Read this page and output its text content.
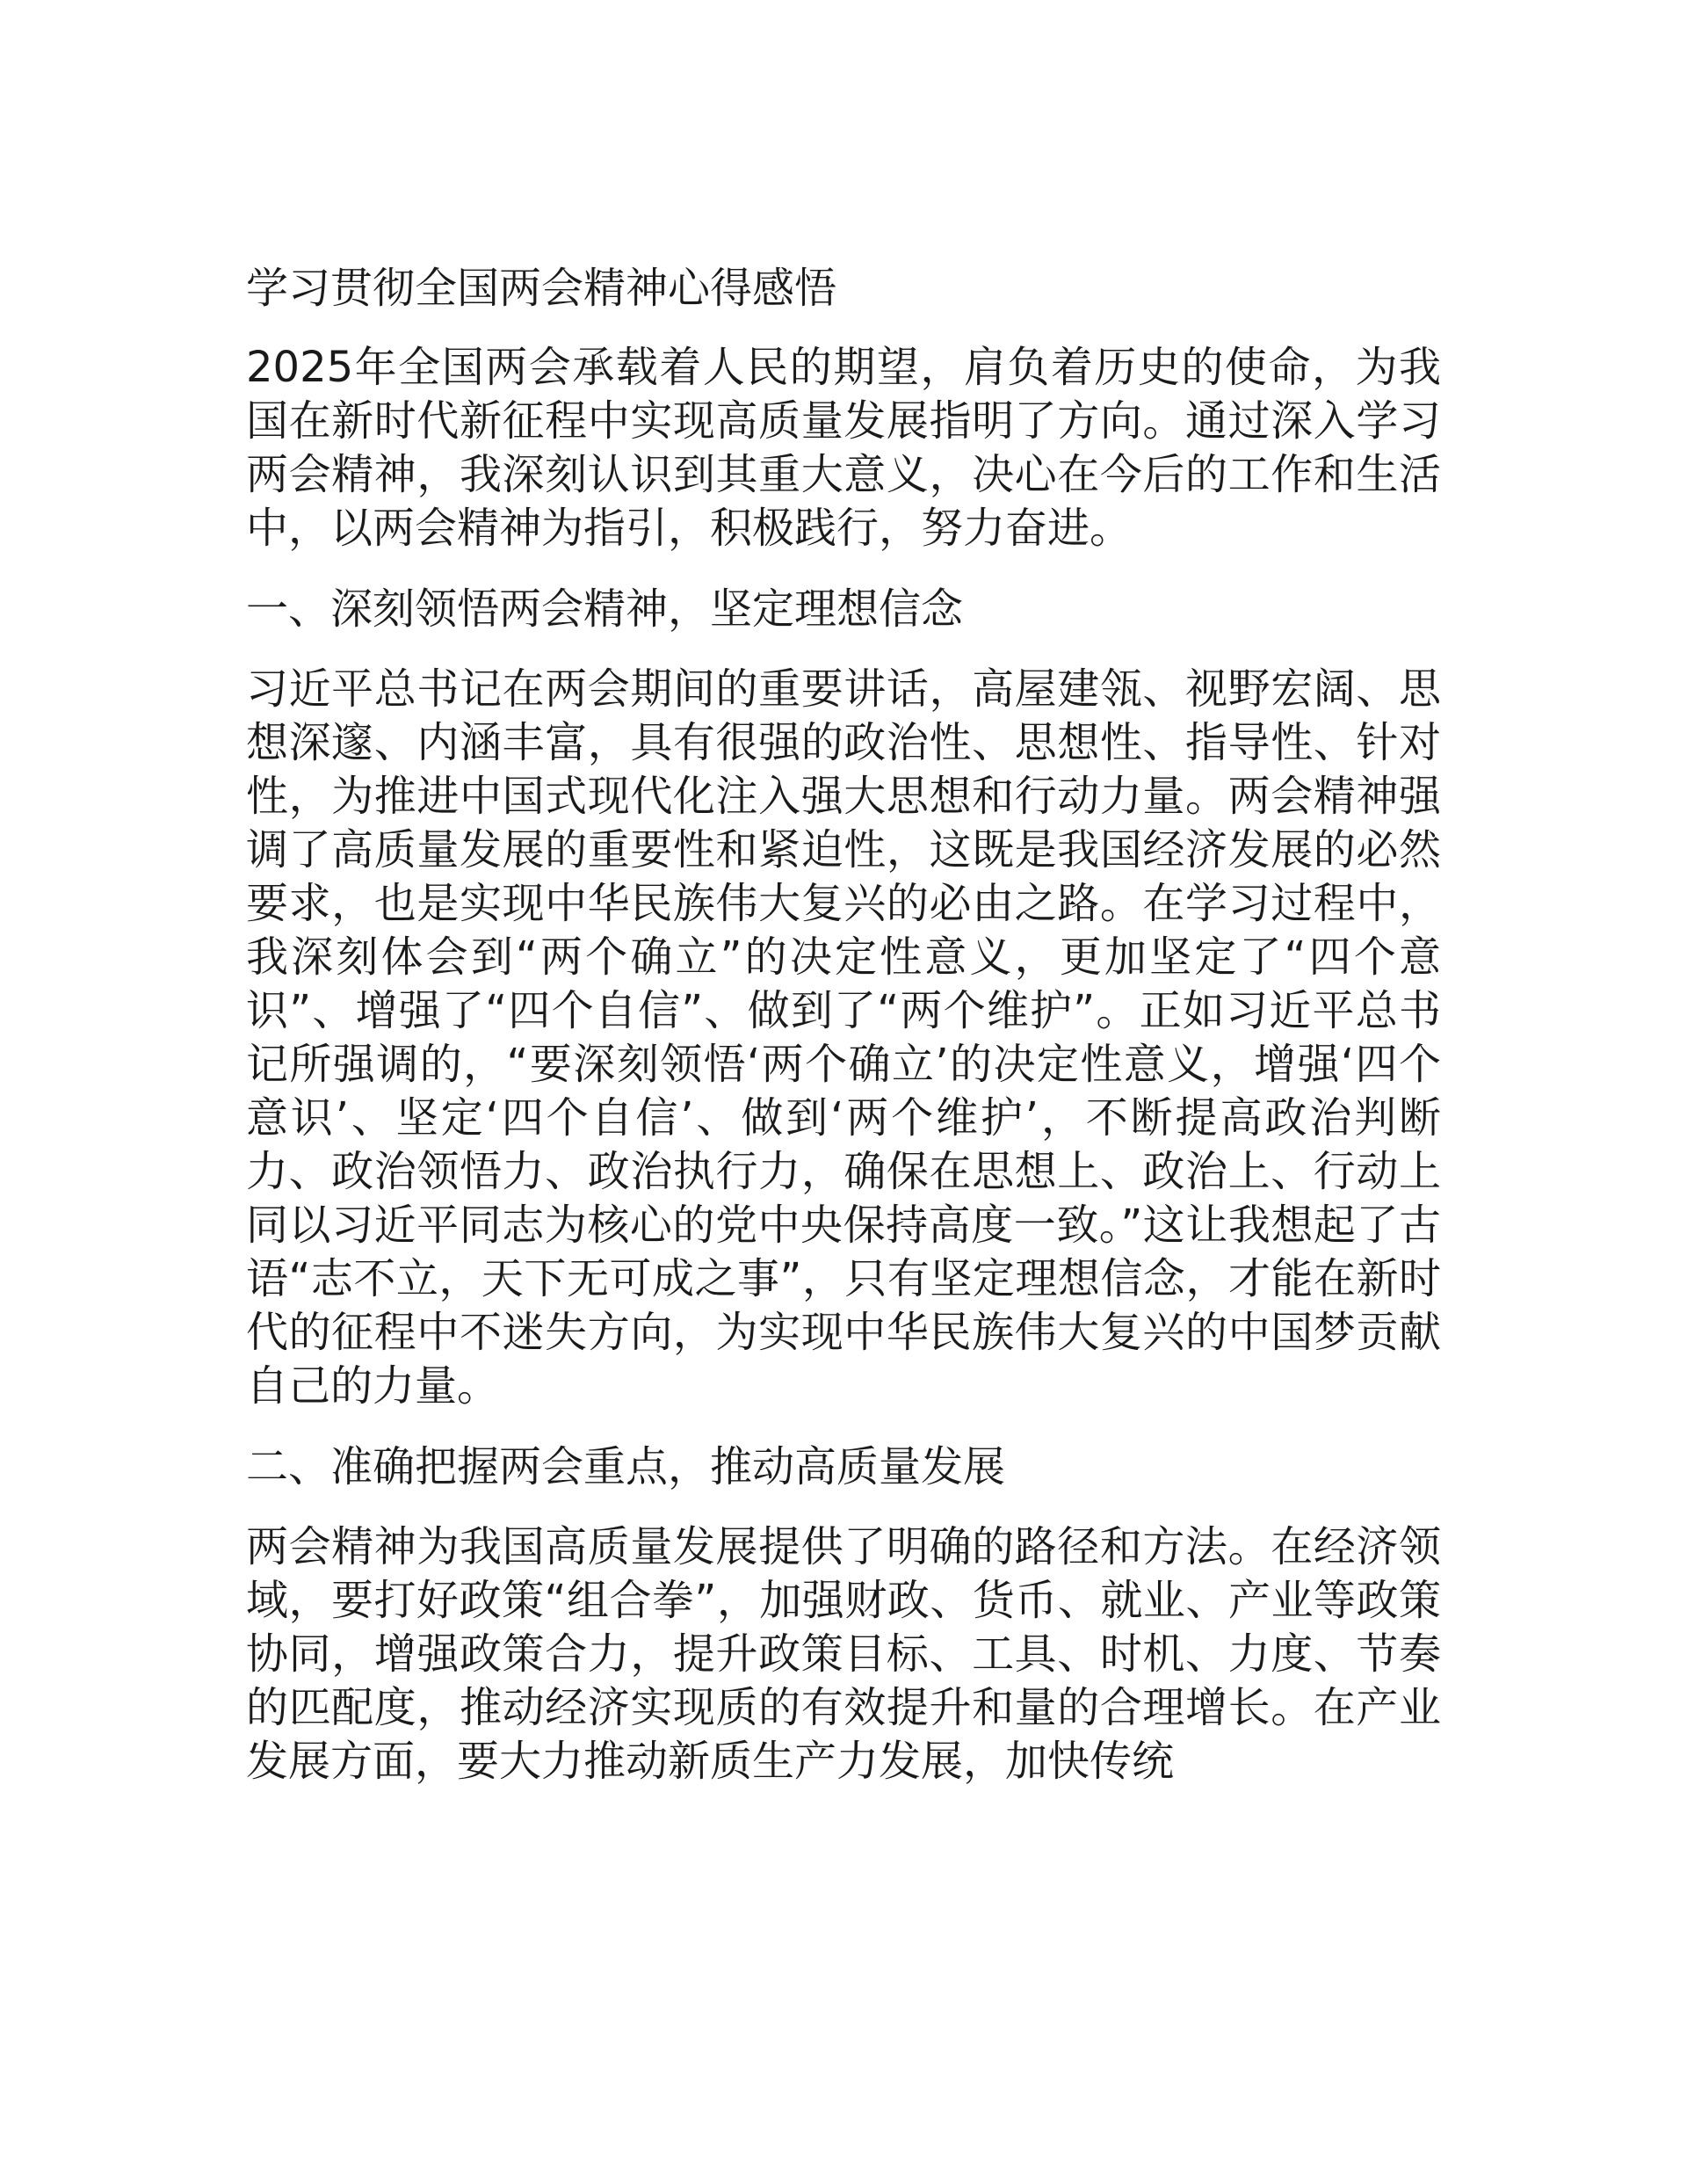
学习贯彻全国两会精神心得感悟

2025年全国两会承载着人民的期望，肩负着历史的使命，为我国在新时代新征程中实现高质量发展指明了方向。通过深入学习两会精神，我深刻认识到其重大意义，决心在今后的工作和生活中，以两会精神为指引，积极践行，努力奋进。

一、深刻领悟两会精神，坚定理想信念

习近平总书记在两会期间的重要讲话，高屋建瓴、视野宏阔、思想深邃、内涵丰富，具有很强的政治性、思想性、指导性、针对性，为推进中国式现代化注入强大思想和行动力量。两会精神强调了高质量发展的重要性和紧迫性，这既是我国经济发展的必然要求，也是实现中华民族伟大复兴的必由之路。在学习过程中，我深刻体会到“两个确立”的决定性意义，更加坚定了“四个意识”、增强了“四个自信”、做到了“两个维护”。正如习近平总书记所强调的，“要深刻领悟‘两个确立’的决定性意义，增强‘四个意识’、坚定‘四个自信’、做到‘两个维护’，不断提高政治判断力、政治领悟力、政治执行力，确保在思想上、政治上、行动上同以习近平同志为核心的党中央保持高度一致。”这让我想起了古语“志不立，天下无可成之事”，只有坚定理想信念，才能在新时代的征程中不迷失方向，为实现中华民族伟大复兴的中国梦贡献自己的力量。

二、准确把握两会重点，推动高质量发展

两会精神为我国高质量发展提供了明确的路径和方法。在经济领域，要打好政策“组合拳”，加强财政、货币、就业、产业等政策协同，增强政策合力，提升政策目标、工具、时机、力度、节奏的匹配度，推动经济实现质的有效提升和量的合理增长。在产业发展方面，要大力推动新质生产力发展，加快传统
